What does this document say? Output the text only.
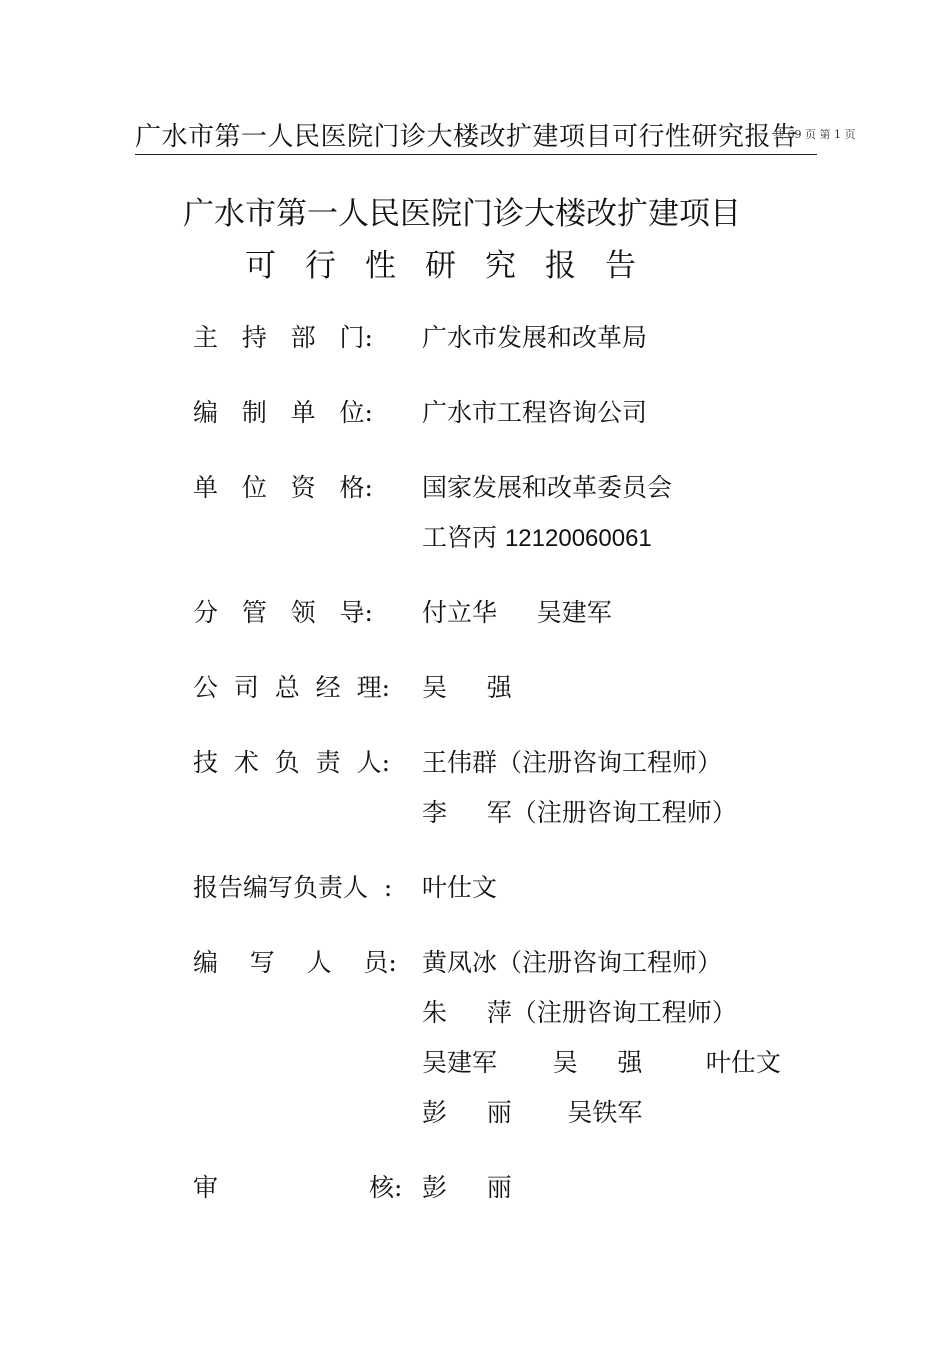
广水市第一人民医院门诊大楼改扩建项目可行性研究报告
共 69 页 第 1 页
广水市第一人民医院门诊大楼改扩建项目
可行性研究报告
主   持   部   门: 广水市发展和改革局
编   制   单   位: 广水市工程咨询公司
单   位   资   格: 国家发展和改革委员会
工咨丙 12120060061
分   管   领   导: 付立华     吴建军
公  司  总  经  理: 吴     强
技  术  负  责  人: 王伟群（注册咨询工程师）
李     军（注册咨询工程师）
报告编写负责人  : 叶仕文
编    写    人    员: 黄凤冰（注册咨询工程师）
朱     萍（注册咨询工程师）
吴建军       吴     强        叶仕文
彭     丽       吴铁军
审                   核: 彭     丽
